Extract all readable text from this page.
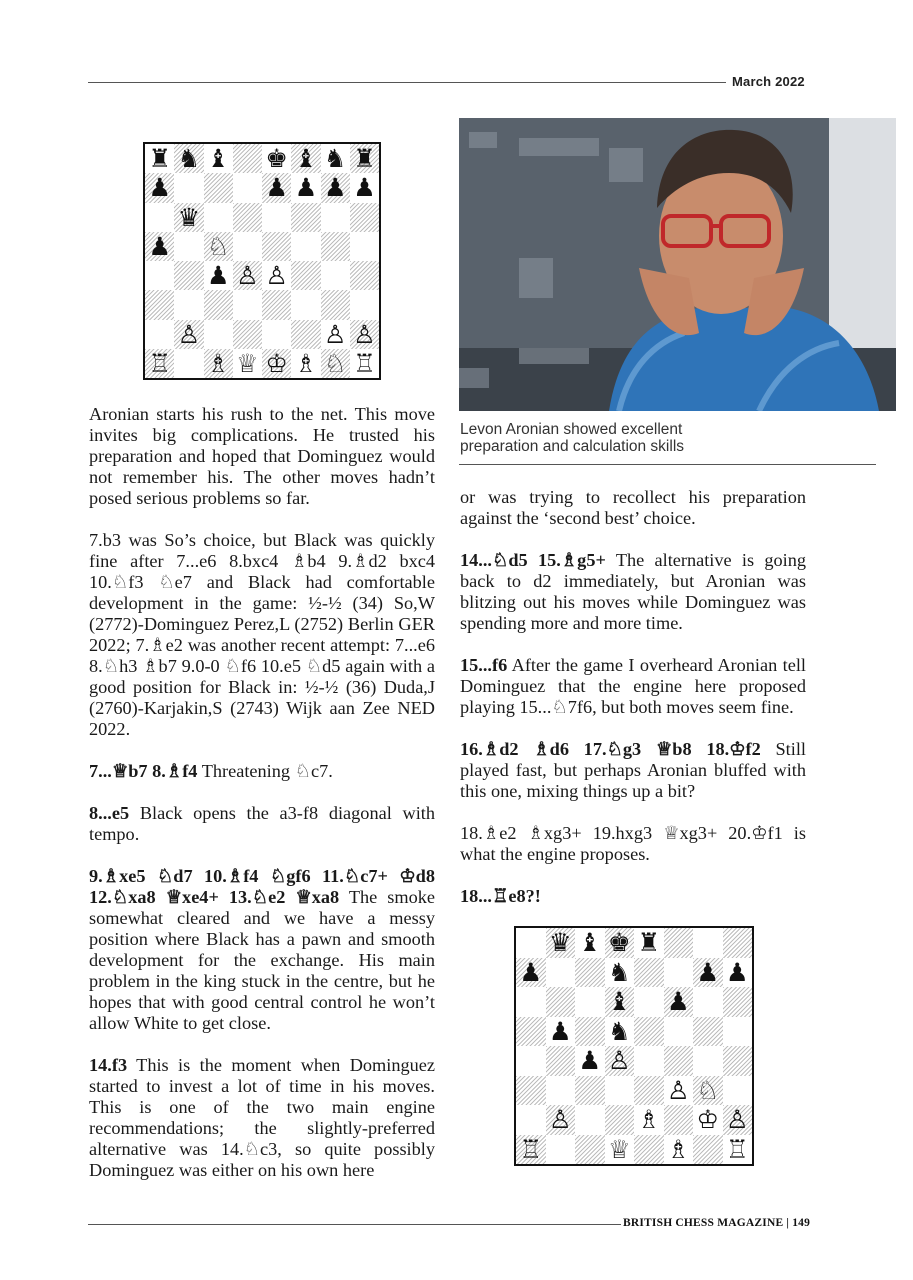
March 2022
♜ ♞ ♝ ♚ ♝ ♞ ♜
♟	♟ ♟ ♟ ♟
♛
♟ ♘
♟ ♙ ♙
♙	♙ ♙
♖ ♗ ♕ ♔ ♗ ♘ ♖
Levon Aronian showed excellent
preparation and calculation skills

Aronian starts his rush to the net. This move invites big complications. He trusted his preparation and hoped that Dominguez would not remember his. The other moves hadn’t posed serious problems so far.

7.b3 was So’s choice, but Black was quickly fine after 7...e6 8.bxc4 ♗b4 9.♗d2 bxc4 10.♘f3 ♘e7 and Black had comfortable development in the game: ½-½ (34) So,W (2772)-Dominguez Perez,L (2752) Berlin GER 2022; 7.♗e2 was another recent attempt: 7...e6 8.♘h3 ♗b7 9.0-0 ♘f6 10.e5 ♘d5 again with a good position for Black in: ½-½ (36) Duda,J (2760)-Karjakin,S (2743) Wijk aan Zee NED 2022.

7...♕b7 8.♗f4 Threatening ♘c7.

8...e5 Black opens the a3-f8 diagonal with tempo.

9.♗xe5 ♘d7 10.♗f4 ♘gf6 11.♘c7+ ♔d8 12.♘xa8 ♕xe4+ 13.♘e2 ♕xa8 The smoke somewhat cleared and we have a messy position where Black has a pawn and smooth development for the exchange. His main problem in the king stuck in the centre, but he hopes that with good central control he won’t allow White to get close.

14.f3 This is the moment when Dominguez started to invest a lot of time in his moves. This is one of the two main engine recommendations; the slightly-preferred alternative was 14.♘c3, so quite possibly Dominguez was either on his own here

or was trying to recollect his preparation against the ‘second best’ choice.

14...♘d5 15.♗g5+ The alternative is going back to d2 immediately, but Aronian was blitzing out his moves while Dominguez was spending more and more time.

15...f6 After the game I overheard Aronian tell Dominguez that the engine here proposed playing 15...♘7f6, but both moves seem fine.

16.♗d2 ♗d6 17.♘g3 ♕b8 18.♔f2 Still played fast, but perhaps Aronian bluffed with this one, mixing things up a bit?

18.♗e2 ♗xg3+ 19.hxg3 ♕xg3+ 20.♔f1 is what the engine proposes.

18...♖e8?!

♛ ♝ ♚ ♜
♟	♞	♟ ♟
♝ ♟
♟ ♞
♟ ♙
♙ ♘
♙	♗ ♔ ♙
♖	♕ ♗ ♖
BRITISH CHESS MAGAZINE | 149
